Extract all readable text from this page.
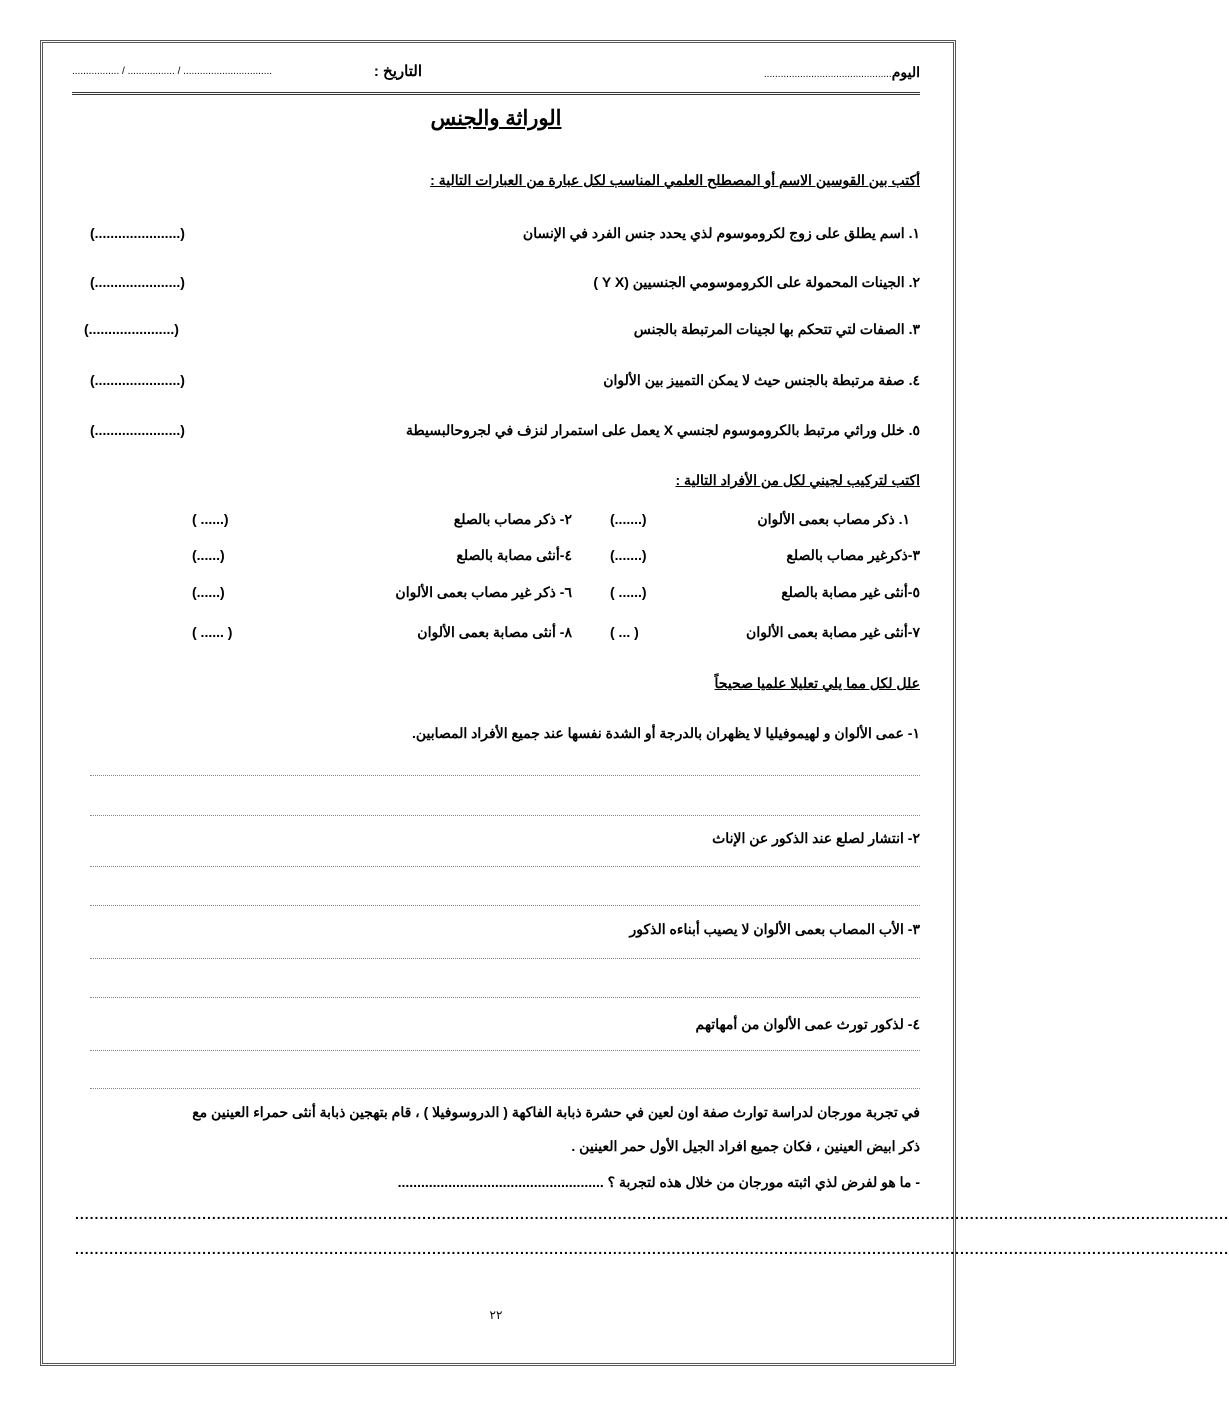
اليوم..............................................
التاريخ :
................. / ................. / ................................
الوراثة والجنس
أكتب بين القوسين الاسم أو المصطلح العلمي المناسب لكل عبارة من العبارات التالية :
١. اسم يطلق على زوج لكروموسوم لذي يحدد جنس الفرد في الإنسان
(......................)
٢. الجينات المحمولة على الكروموسومي الجنسيين (Y X )
(......................)
٣. الصفات لتي تتحكم بها لجينات المرتبطة بالجنس
(......................)
٤. صفة مرتبطة بالجنس حيث لا يمكن التمييز بين الألوان
(......................)
٥. خلل وراثي مرتبط بالكروموسوم لجنسي X يعمل على استمرار لنزف في لجروحالبسيطة
(......................)
اكتب لتركيب لجيني لكل من الأفراد التالية :
١. ذكر مصاب بعمى الألوان
(.......)
٢- ذكر مصاب بالصلع
( ......)
٣-ذكرغير مصاب بالصلع
(.......)
٤-أنثى مصابة بالصلع
(......)
٥-أنثى غير مصابة بالصلع
( ......)
٦- ذكر غير مصاب بعمى الألوان
(......)
٧-أنثى غير مصابة بعمى الألوان
( ... )
٨- أنثى مصابة بعمى الألوان
( ...... )
علل لكل مما يلي تعليلا علميا صحيحاً
١- عمى الألوان و لهيموفيليا لا يظهران بالدرجة أو الشدة نفسها عند جميع الأفراد المصابين.
٢- انتشار لصلع عند الذكور عن الإناث
٣- الأب المصاب بعمى الألوان لا يصيب أبناءه الذكور
٤- لذكور تورث عمى الألوان من أمهاتهم
في تجربة مورجان لدراسة توارث صفة اون لعين في حشرة ذبابة الفاكهة ( الدروسوفيلا ) ، قام بتهجين ذبابة أنثى حمراء العينين مع
ذكر ابيض العينين ، فكان جميع افراد الجيل الأول حمر العينين .
- ما هو لفرض لذي اثبته مورجان من خلال هذه لتجربة ؟ .....................................................
............................................................................................................................................................................................................................................
............................................................................................................................................................................................................................................
٢٢
